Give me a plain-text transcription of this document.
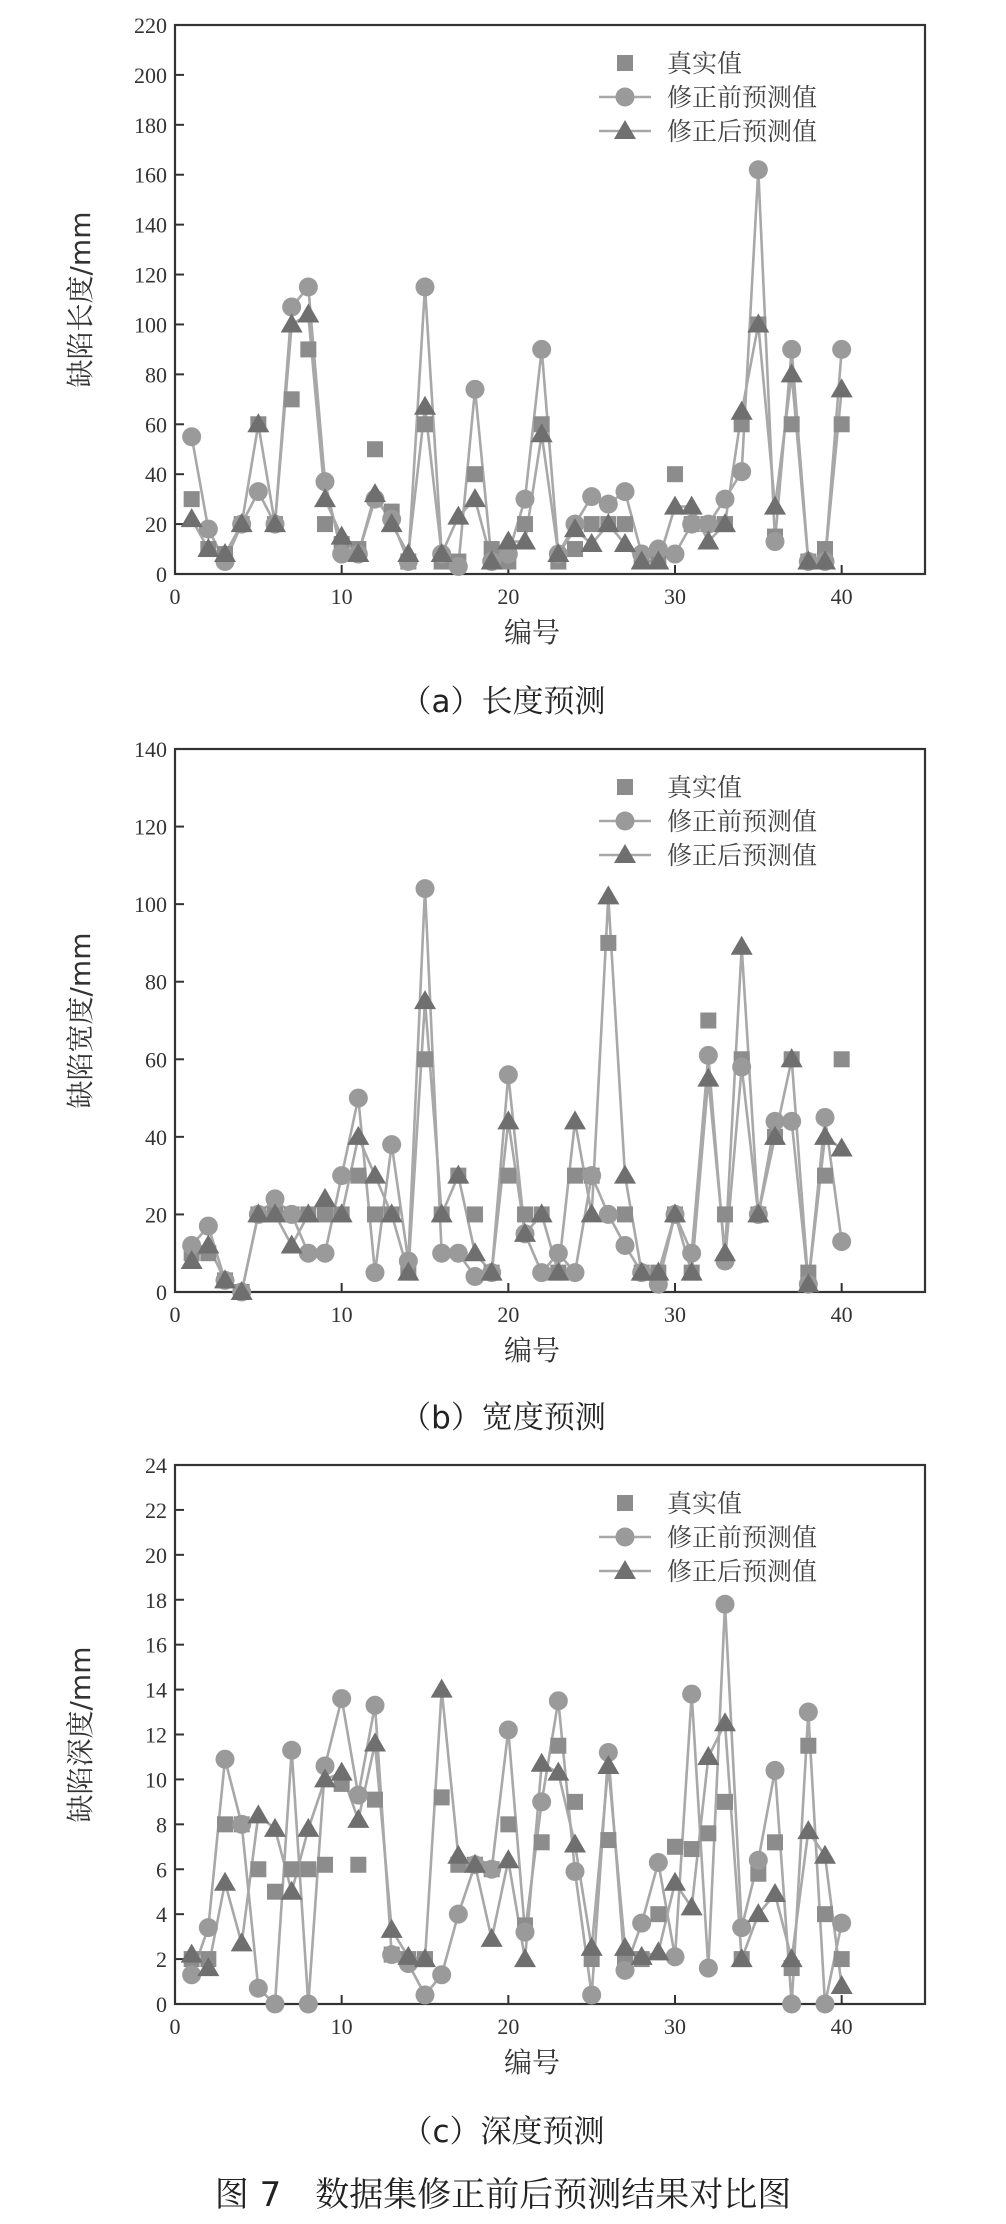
0
20
40
60
80
100
120
140
160
180
200
220
0	10	20	30	40
编号
缺陷长度/mm
真实值
修正前预测值
修正后预测值
（a）长度预测
0
20
40
60
80
100
120
140
0	10	20	30	40
编号
缺陷宽度/mm
真实值
修正前预测值
修正后预测值
（b）宽度预测
0
2
4
6
8
10
12
14
16
18
20
22
24
0	10	20	30	40
编号
缺陷深度/mm
真实值
修正前预测值
修正后预测值
（c）深度预测
图 7　数据集修正前后预测结果对比图
